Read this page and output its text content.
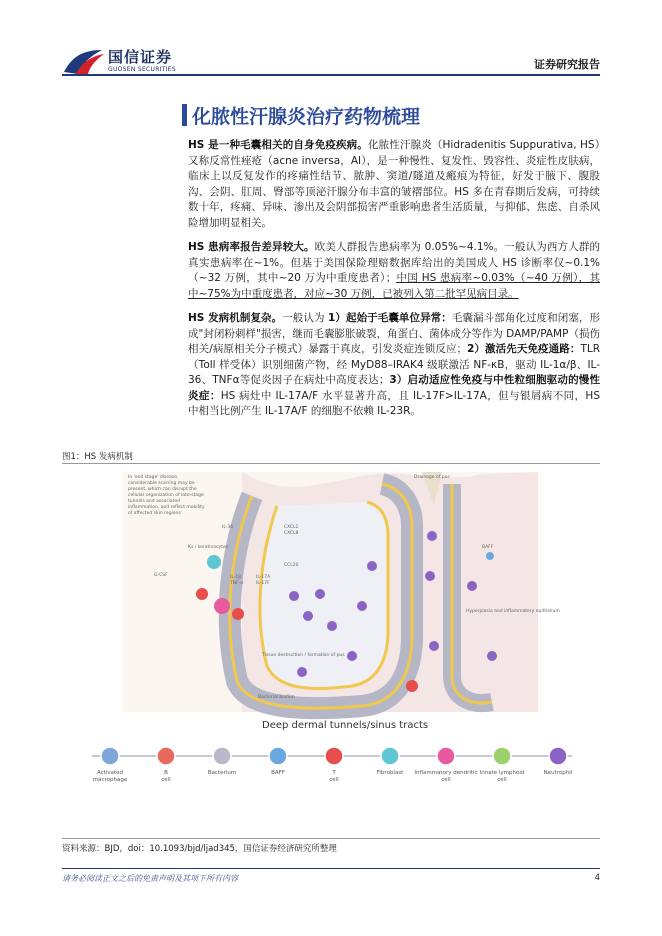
国信证券
GUOSEN SECURITIES	证券研究报告
化脓性汗腺炎治疗药物梳理
HS 是一种毛囊相关的自身免疫疾病。化脓性汗腺炎（Hidradenitis Suppurativa, HS）又称反常性痤疮（acne inversa，AI），是一种慢性、复发性、毁容性、炎症性皮肤病，临床上以反复发作的疼痛性结节、脓肿、窦道/隧道及瘢痕为特征，好发于腋下、腹股沟、会阴、肛周、臀部等顶泌汗腺分布丰富的皱褶部位。HS 多在青春期后发病，可持续数十年，疼痛、异味、渗出及会阴部损害严重影响患者生活质量，与抑郁、焦虑、自杀风险增加明显相关。
HS 患病率报告差异较大。欧美人群报告患病率为 0.05%~4.1%。一般认为西方人群的真实患病率在~1%。但基于美国保险理赔数据库给出的美国成人 HS 诊断率仅~0.1%（~32 万例，其中~20 万为中重度患者）；中国 HS 患病率~0.03%（~40 万例），其中~75%为中重度患者，对应~30 万例，已被列入第二批罕见病目录。
HS 发病机制复杂。一般认为 1）起始于毛囊单位异常：毛囊漏斗部角化过度和闭塞，形成"封闭粉刺样"损害，继而毛囊膨胀破裂，角蛋白、菌体成分等作为 DAMP/PAMP（损伤相关/病原相关分子模式）暴露于真皮，引发炎症连锁反应；2）激活先天免疫通路：TLR（Toll 样受体）识别细菌产物，经 MyD88–IRAK4 级联激活 NF-κB，驱动 IL-1α/β、IL-36、TNFα等促炎因子在病灶中高度表达；3）启动适应性免疫与中性粒细胞驱动的慢性炎症：HS 病灶中 IL-17A/F 水平显著升高，且 IL-17F>IL-17A，但与银屑病不同，HS 中相当比例产生 IL-17A/F 的细胞不依赖 IL-23R。
图1：HS 发病机制
Drainage of pus
In 'end stage' disease, considerable scarring may be present, which can disrupt the cellular organization of late-stage tunnels and associated inflammation, and reflect mobility of affected skin regions
Ks / keratinocytes
G-CSF
CXCL1
CXCL8
CCL20
IL-36
TNF-α
IL-1β	IL-17A
IL-17F
BAFF
Hyperplasia and inflammatory epithelium
Tissue destruction / formation of pus
Bacterial biofilm
Deep dermal tunnels/sinus tracts
Activated macrophage
B cell
Bacterium	BAFF	T cell
Fibroblast Inflammatory dendritic cell
Innate lymphoid cell
Neutrophil
资料来源：BJD，doi：10.1093/bjd/ljad345，国信证券经济研究所整理
请务必阅读正文之后的免责声明及其项下所有内容	4
